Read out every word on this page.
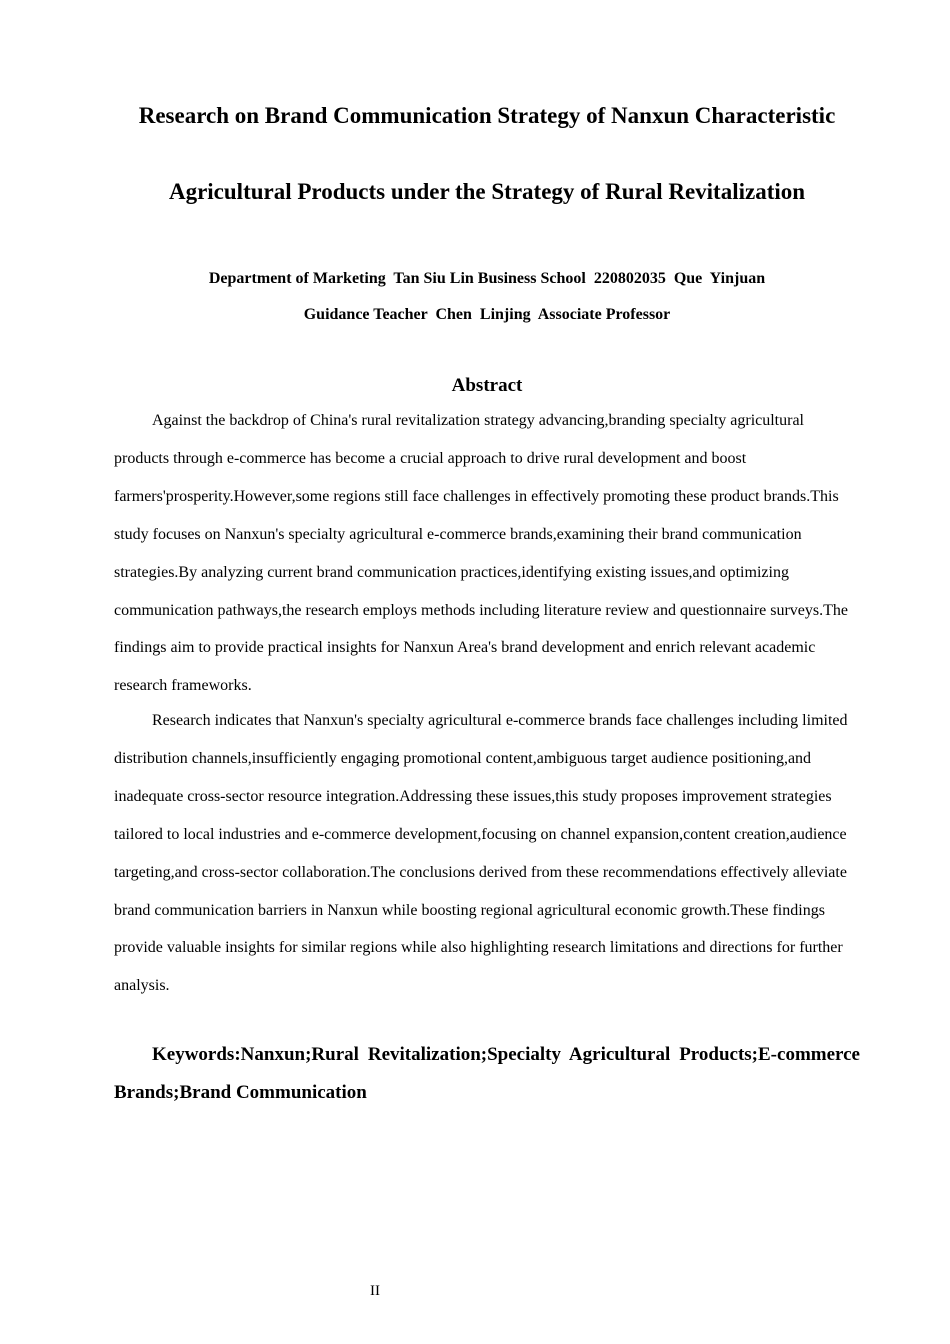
Research on Brand Communication Strategy of Nanxun Characteristic
Agricultural Products under the Strategy of Rural Revitalization
Department of Marketing  Tan Siu Lin Business School  220802035  Que  Yinjuan
Guidance Teacher  Chen  Linjing  Associate Professor
Abstract

Against the backdrop of China's rural revitalization strategy advancing,branding specialty agricultural products through e-commerce has become a crucial approach to drive rural development and boost farmers'prosperity.However,some regions still face challenges in effectively promoting these product brands.This study focuses on Nanxun's specialty agricultural e-commerce brands,examining their brand communication strategies.By analyzing current brand communication practices,identifying existing issues,and optimizing communication pathways,the research employs methods including literature review and questionnaire surveys.The findings aim to provide practical insights for Nanxun Area's brand development and enrich relevant academic research frameworks.

Research indicates that Nanxun's specialty agricultural e-commerce brands face challenges including limited distribution channels,insufficiently engaging promotional content,ambiguous target audience positioning,and inadequate cross-sector resource integration.Addressing these issues,this study proposes improvement strategies tailored to local industries and e-commerce development,focusing on channel expansion,content creation,audience targeting,and cross-sector collaboration.The conclusions derived from these recommendations effectively alleviate brand communication barriers in Nanxun while boosting regional agricultural economic growth.These findings provide valuable insights for similar regions while also highlighting research limitations and directions for further analysis.

Keywords:Nanxun;Rural Revitalization;Specialty Agricultural Products;E-commerce Brands;Brand Communication

II
